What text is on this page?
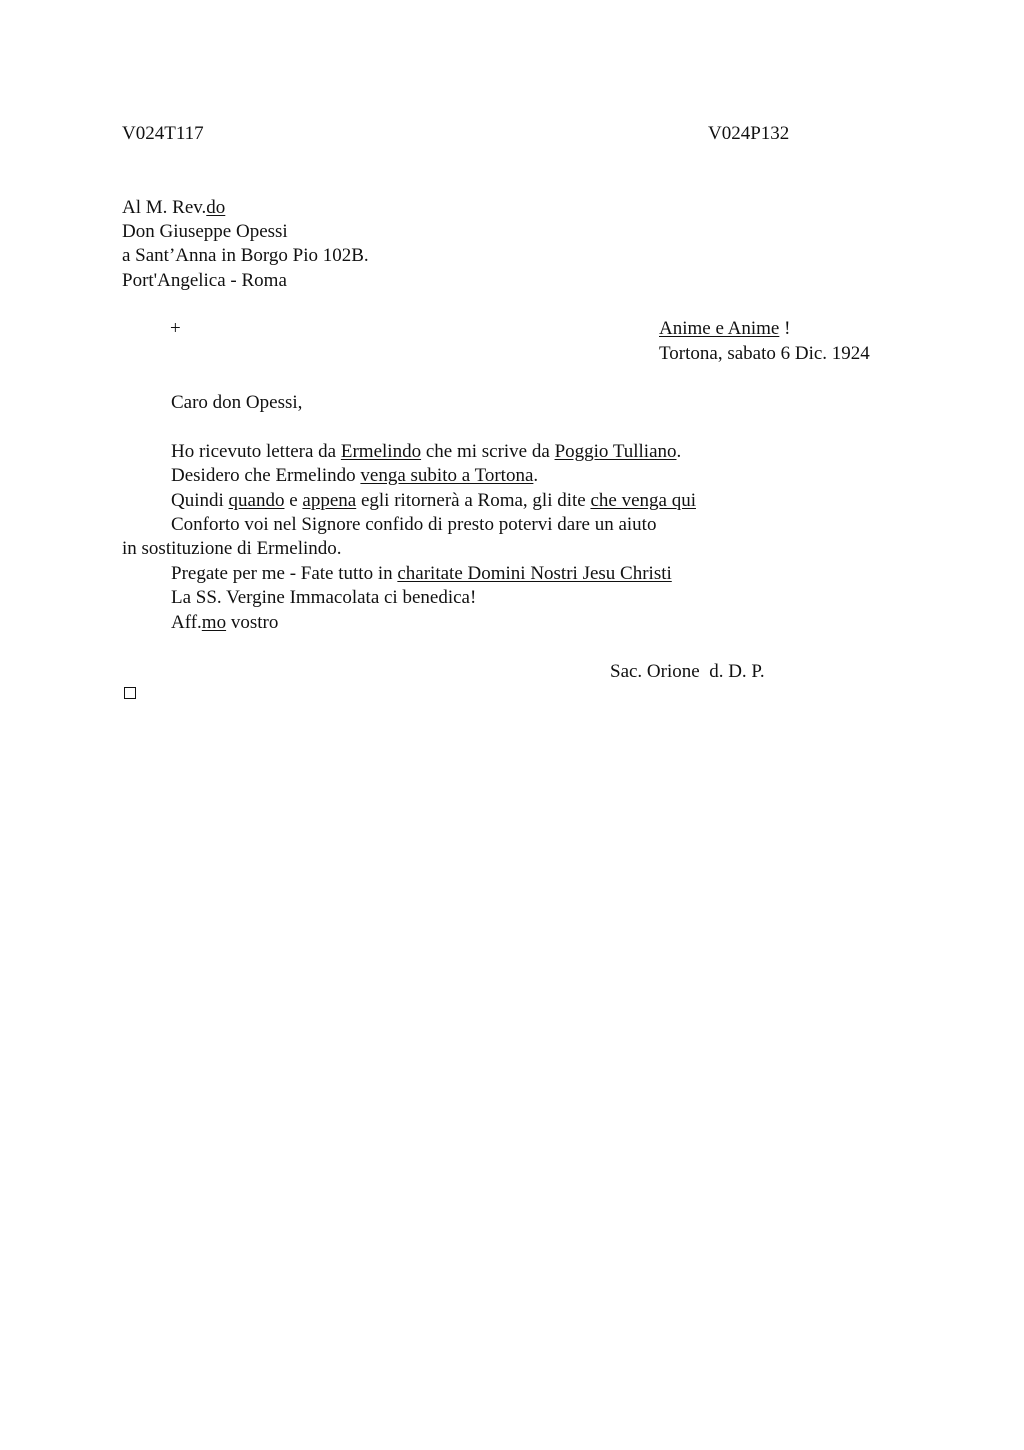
V024T117	V024P132
Al M. Rev.do
Don Giuseppe Opessi
a Sant’Anna in Borgo Pio 102B.
Port'Angelica - Roma
+	Anime e Anime !
Tortona, sabato 6 Dic. 1924
Caro don Opessi,
Ho ricevuto lettera da Ermelindo che mi scrive da Poggio Tulliano.
Desidero che Ermelindo venga subito a Tortona.
Quindi quando e appena egli ritornerà a Roma, gli dite che venga qui
Conforto voi nel Signore confido di presto potervi dare un aiuto
in sostituzione di Ermelindo.
Pregate per me - Fate tutto in charitate Domini Nostri Jesu Christi
La SS. Vergine Immacolata ci benedica!
Aff.mo vostro
Sac. Orione  d. D. P.
